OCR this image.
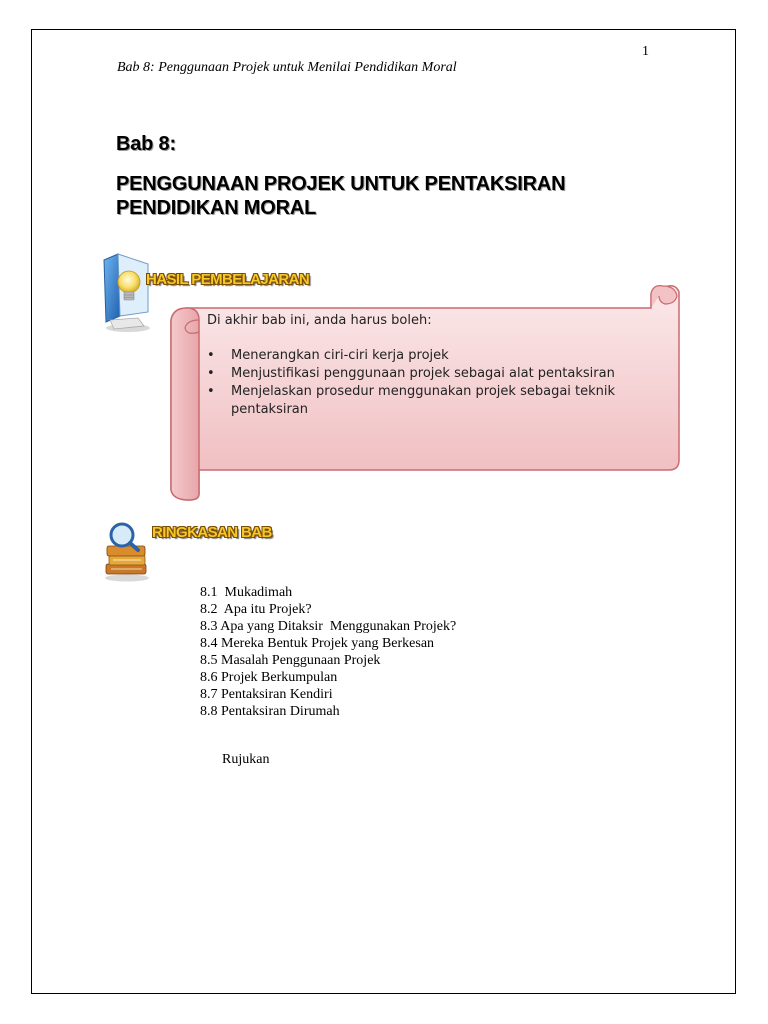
1
Bab 8: Penggunaan Projek untuk Menilai Pendidikan Moral
Bab 8:
PENGGUNAAN PROJEK UNTUK PENTAKSIRAN PENDIDIKAN MORAL
HASIL PEMBELAJARAN

Di akhir bab ini, anda harus boleh:

• Menerangkan ciri-ciri kerja projek
• Menjustifikasi penggunaan projek sebagai alat pentaksiran
• Menjelaskan prosedur menggunakan projek sebagai teknik pentaksiran
RINGKASAN BAB
8.1  Mukadimah
8.2  Apa itu Projek?
8.3 Apa yang Ditaksir  Menggunakan Projek?
8.4 Mereka Bentuk Projek yang Berkesan
8.5 Masalah Penggunaan Projek
8.6 Projek Berkumpulan
8.7 Pentaksiran Kendiri
8.8 Pentaksiran Dirumah
Rujukan
